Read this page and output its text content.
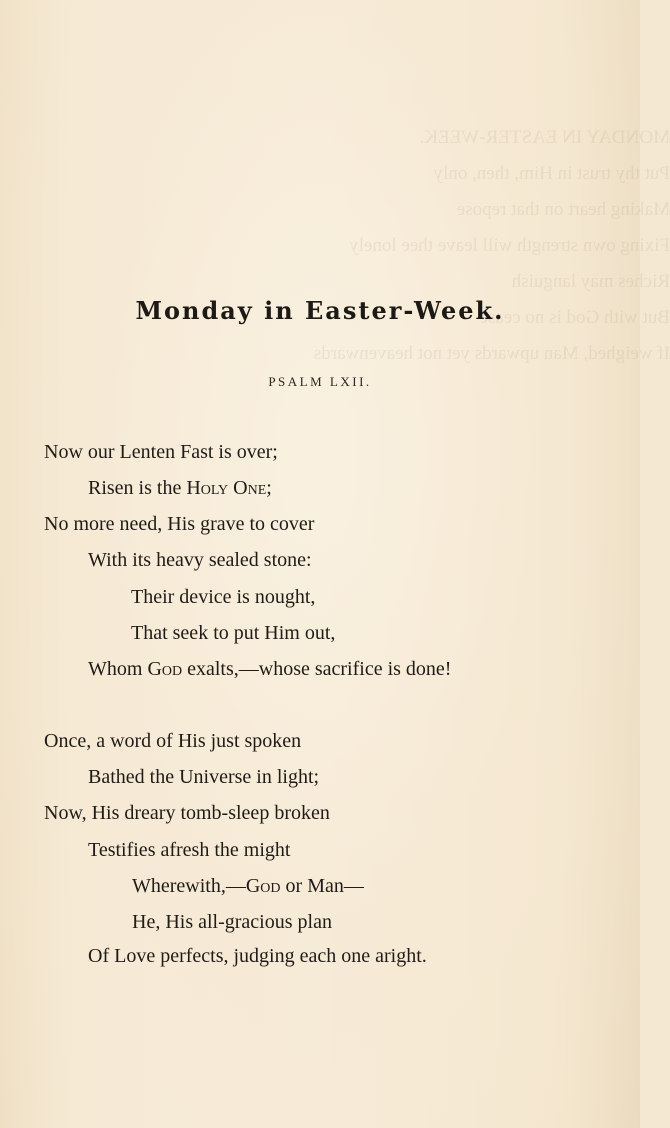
MONDAY IN EASTER-WEEK.
Put thy trust in Him, then, only
Making heart on that repose
Fixing own strength will leave thee lonely
Riches may languish
But with God is no cease
If weighed, Man upwards yet not heavenwards
Monday in Easter-Week.
PSALM LXII.
Now our Lenten Fast is over;
Risen is the Holy One;
No more need, His grave to cover
With its heavy sealed stone:
Their device is nought,
That seek to put Him out,
Whom God exalts,—whose sacrifice is done!
Once, a word of His just spoken
Bathed the Universe in light;
Now, His dreary tomb-sleep broken
Testifies afresh the might
Wherewith,—God or Man—
He, His all-gracious plan
Of Love perfects, judging each one aright.
